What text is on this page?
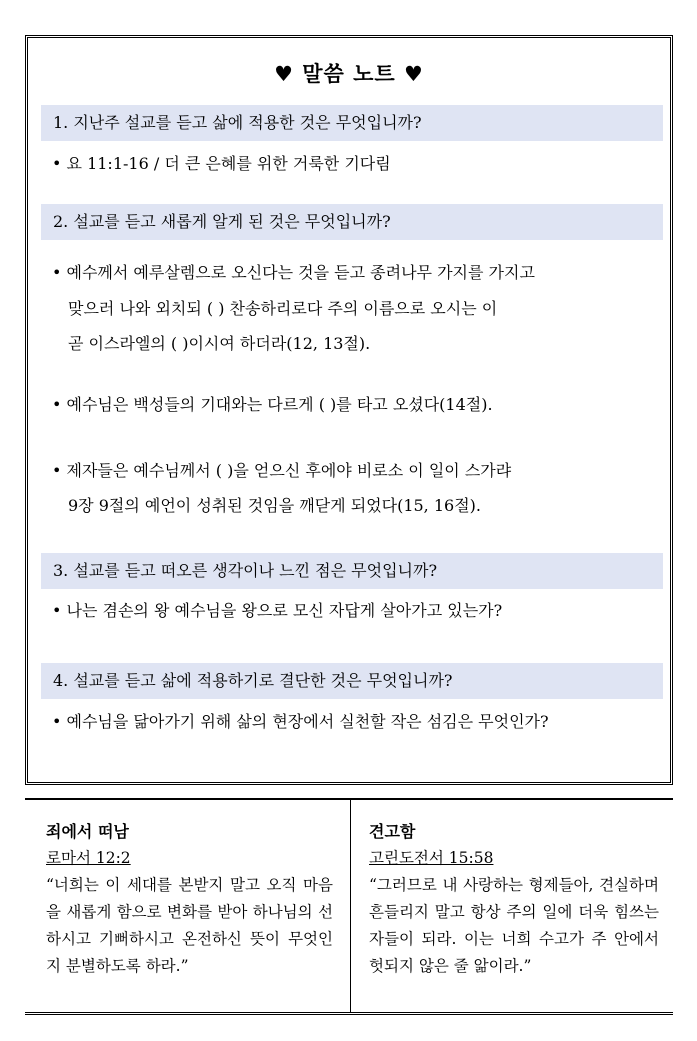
♥ 말씀 노트 ♥
1. 지난주 설교를 듣고 삶에 적용한 것은 무엇입니까?
• 요 11:1-16 / 더 큰 은혜를 위한 거룩한 기다림
2. 설교를 듣고 새롭게 알게 된 것은 무엇입니까?
• 예수께서 예루살렘으로 오신다는 것을 듣고 종려나무 가지를 가지고
맞으러 나와 외치되 ( ) 찬송하리로다 주의 이름으로 오시는 이
곧 이스라엘의 ( )이시여 하더라(12, 13절).
• 예수님은 백성들의 기대와는 다르게 ( )를 타고 오셨다(14절).
• 제자들은 예수님께서 ( )을 얻으신 후에야 비로소 이 일이 스가랴
9장 9절의 예언이 성취된 것임을 깨닫게 되었다(15, 16절).
3. 설교를 듣고 떠오른 생각이나 느낀 점은 무엇입니까?
• 나는 겸손의 왕 예수님을 왕으로 모신 자답게 살아가고 있는가?
4. 설교를 듣고 삶에 적용하기로 결단한 것은 무엇입니까?
• 예수님을 닮아가기 위해 삶의 현장에서 실천할 작은 섬김은 무엇인가?
죄에서 떠남
로마서 12:2
“너희는 이 세대를 본받지 말고 오직 마음을 새롭게 함으로 변화를 받아 하나님의 선하시고 기뻐하시고 온전하신 뜻이 무엇인지 분별하도록 하라.”
견고함
고린도전서 15:58
“그러므로 내 사랑하는 형제들아, 견실하며 흔들리지 말고 항상 주의 일에 더욱 힘쓰는 자들이 되라. 이는 너희 수고가 주 안에서 헛되지 않은 줄 앎이라.”
